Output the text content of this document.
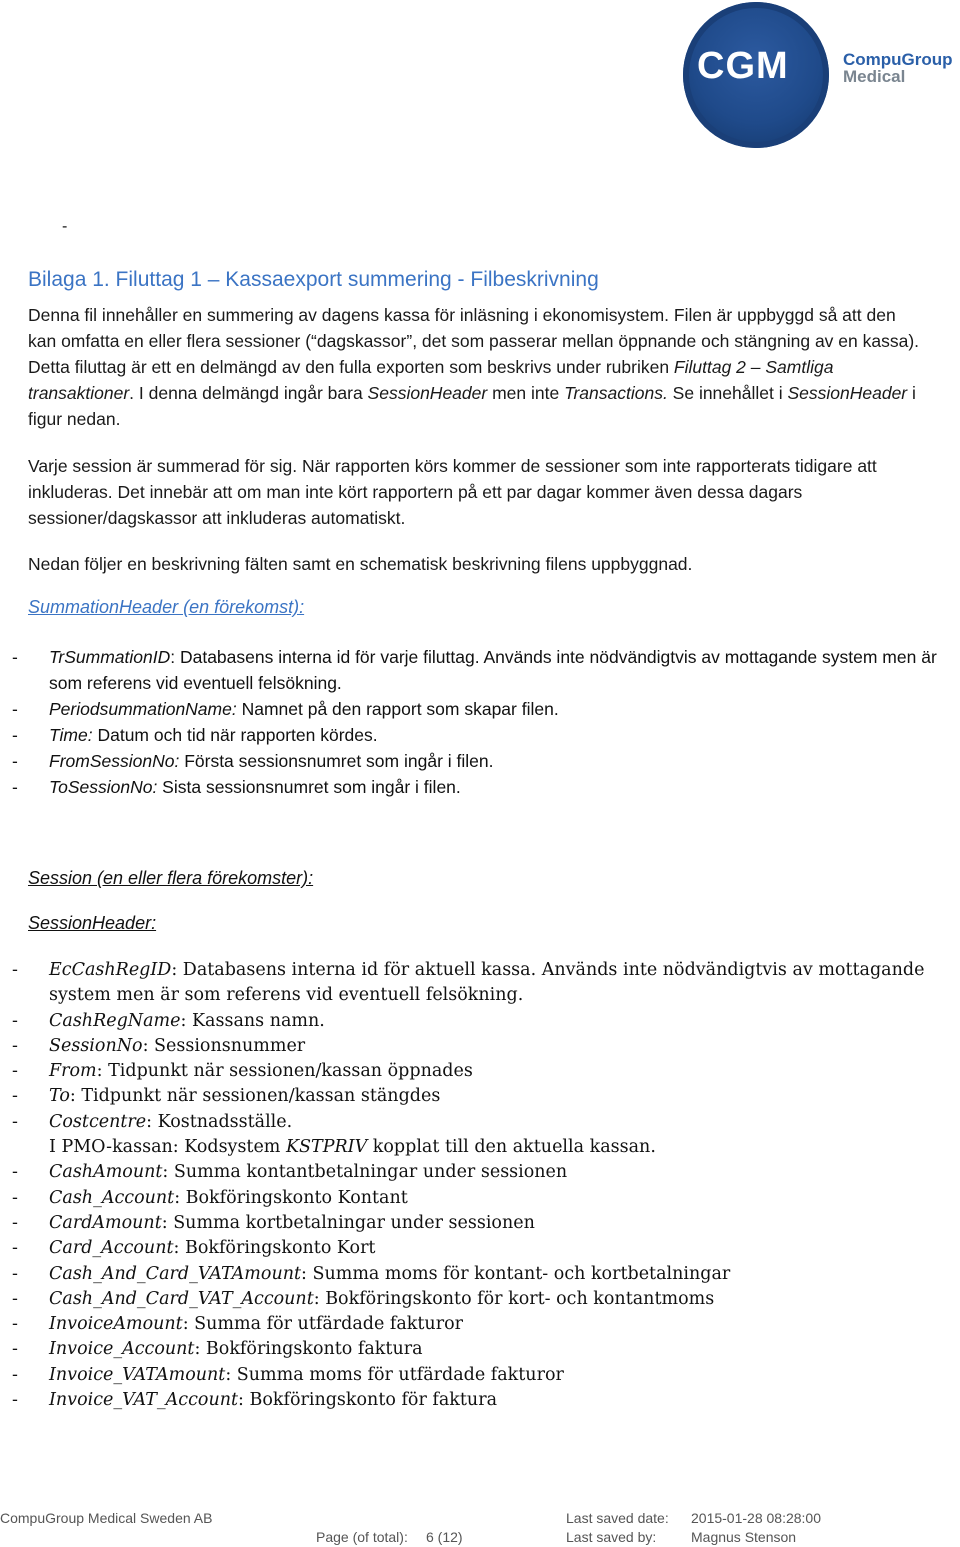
CGM	CompuGroup
Medical
-
Bilaga 1. Filuttag 1 – Kassaexport summering - Filbeskrivning

Denna fil innehåller en summering av dagens kassa för inläsning i ekonomisystem. Filen är uppbyggd så att den kan omfatta en eller flera sessioner (“dagskassor”, det som passerar mellan öppnande och stängning av en kassa). Detta filuttag är ett en delmängd av den fulla exporten som beskrivs under rubriken Filuttag 2 – Samtliga transaktioner. I denna delmängd ingår bara SessionHeader men inte Transactions. Se innehållet i SessionHeader i figur nedan.

Varje session är summerad för sig. När rapporten körs kommer de sessioner som inte rapporterats tidigare att inkluderas. Det innebär att om man inte kört rapportern på ett par dagar kommer även dessa dagars sessioner/dagskassor att inkluderas automatiskt.

Nedan följer en beskrivning fälten samt en schematisk beskrivning filens uppbyggnad.

SummationHeader (en förekomst):

- TrSummationID: Databasens interna id för varje filuttag. Används inte nödvändigtvis av mottagande system men är som referens vid eventuell felsökning.
- PeriodsummationName: Namnet på den rapport som skapar filen.
- Time: Datum och tid när rapporten kördes.
- FromSessionNo: Första sessionsnumret som ingår i filen.
- ToSessionNo: Sista sessionsnumret som ingår i filen.

Session (en eller flera förekomster):

SessionHeader:

- EcCashRegID: Databasens interna id för aktuell kassa. Används inte nödvändigtvis av mottagande system men är som referens vid eventuell felsökning.
- CashRegName: Kassans namn.
- SessionNo: Sessionsnummer
- From: Tidpunkt när sessionen/kassan öppnades
- To: Tidpunkt när sessionen/kassan stängdes
- Costcentre: Kostnadsställe.
I PMO-kassan: Kodsystem KSTPRIV kopplat till den aktuella kassan.
- CashAmount: Summa kontantbetalningar under sessionen
- Cash_Account: Bokföringskonto Kontant
- CardAmount: Summa kortbetalningar under sessionen
- Card_Account: Bokföringskonto Kort
- Cash_And_Card_VATAmount: Summa moms för kontant- och kortbetalningar
- Cash_And_Card_VAT_Account: Bokföringskonto för kort- och kontantmoms
- InvoiceAmount: Summa för utfärdade fakturor
- Invoice_Account: Bokföringskonto faktura
- Invoice_VATAmount: Summa moms för utfärdade fakturor
- Invoice_VAT_Account: Bokföringskonto för faktura
CompuGroup Medical Sweden AB
Page (of total): 6 (12)
Last saved date: 2015-01-28 08:28:00
Last saved by: Magnus Stenson
